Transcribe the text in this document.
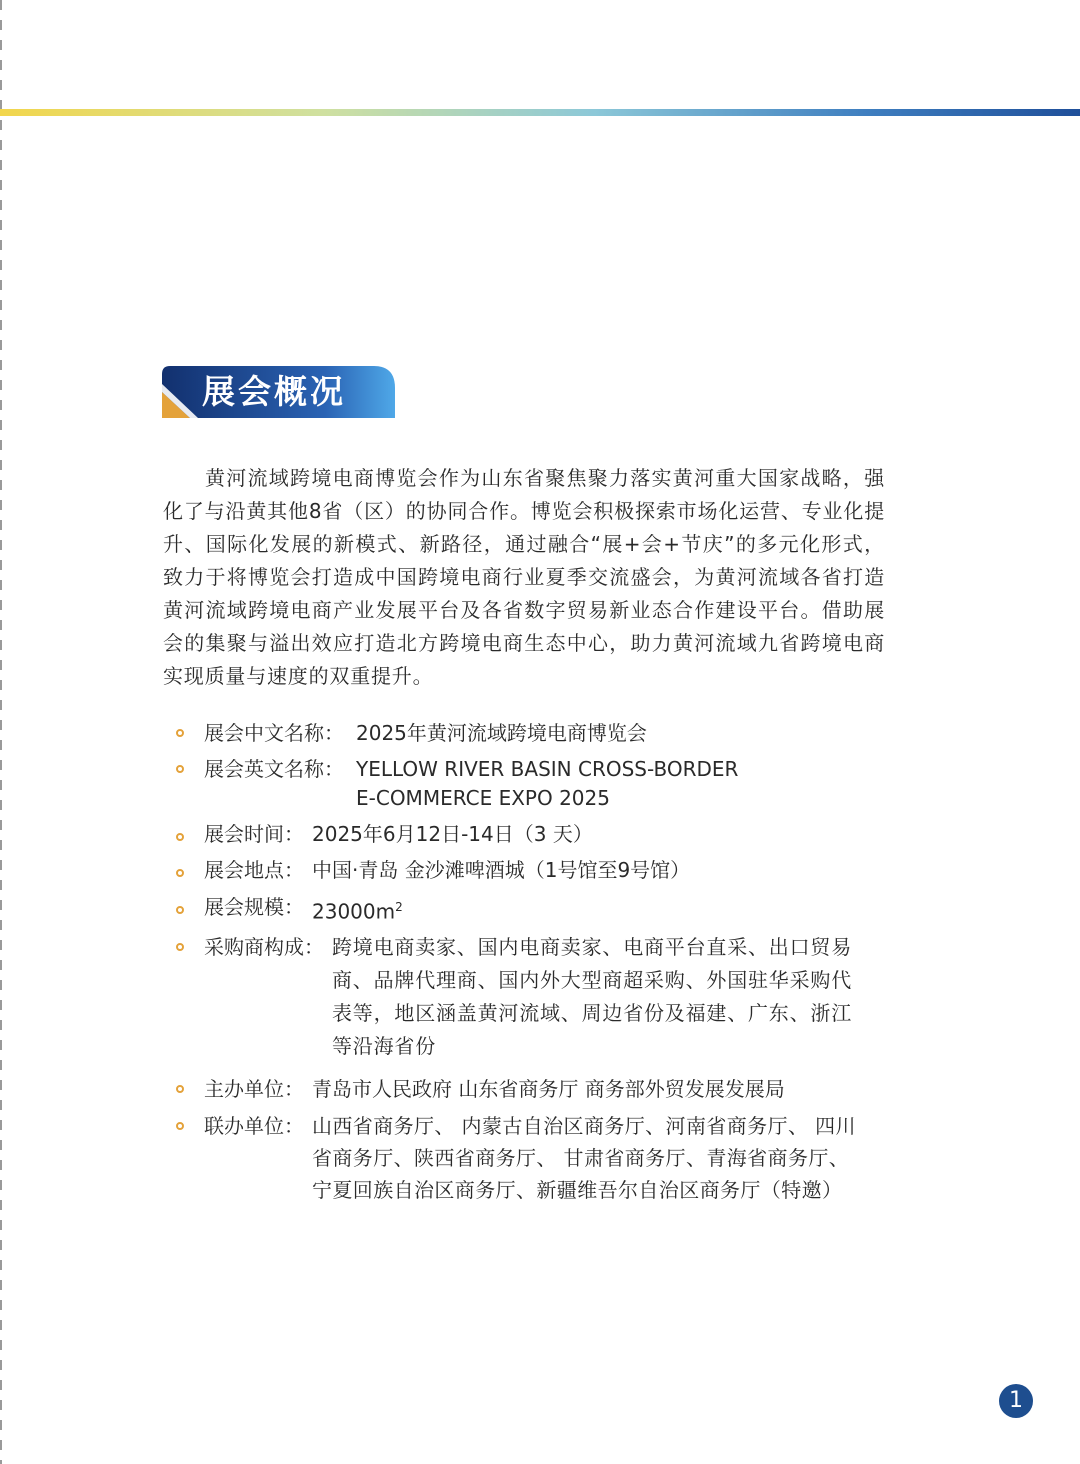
展会概况

黄河流域跨境电商博览会作为山东省聚焦聚力落实黄河重大国家战略，强化了与沿黄其他8省（区）的协同合作。博览会积极探索市场化运营、专业化提升、国际化发展的新模式、新路径，通过融合“展+会+节庆”的多元化形式，致力于将博览会打造成中国跨境电商行业夏季交流盛会，为黄河流域各省打造黄河流域跨境电商产业发展平台及各省数字贸易新业态合作建设平台。借助展会的集聚与溢出效应打造北方跨境电商生态中心，助力黄河流域九省跨境电商实现质量与速度的双重提升。

展会中文名称： 2025年黄河流域跨境电商博览会
展会英文名称： YELLOW RIVER BASIN CROSS-BORDER
E-COMMERCE EXPO 2025
展会时间： 2025年6月12日-14日（3 天）
展会地点： 中国·青岛 金沙滩啤酒城（1号馆至9号馆）
展会规模： $23000m^2$
采购商构成： 跨境电商卖家、国内电商卖家、电商平台直采、出口贸易
商、品牌代理商、国内外大型商超采购、外国驻华采购代
表等，地区涵盖黄河流域、周边省份及福建、广东、浙江
等沿海省份
主办单位： 青岛市人民政府 山东省商务厅 商务部外贸发展发展局
联办单位： 山西省商务厅、 内蒙古自治区商务厅、河南省商务厅、 四川
省商务厅、陕西省商务厅、 甘肃省商务厅、青海省商务厅、
宁夏回族自治区商务厅、新疆维吾尔自治区商务厅（特邀）
1
